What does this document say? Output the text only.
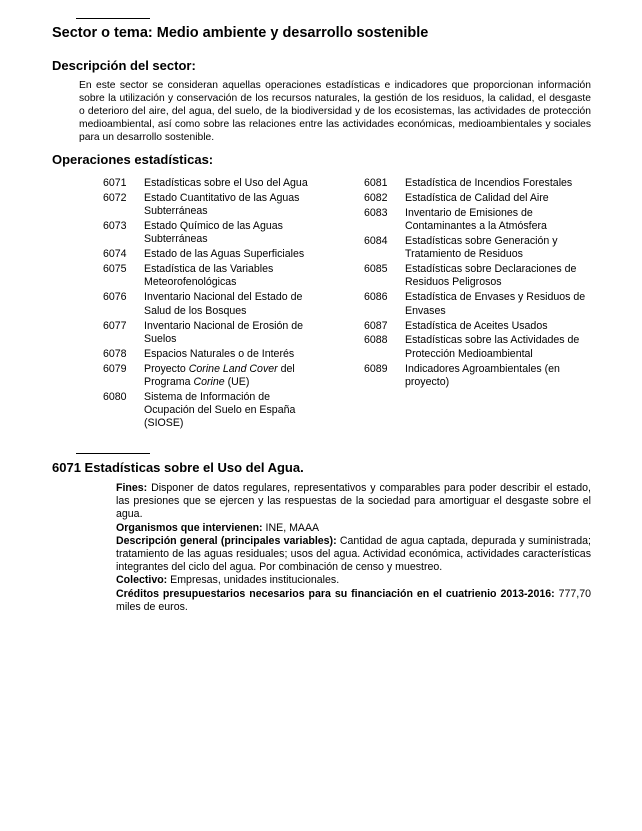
Sector o tema: Medio ambiente y desarrollo sostenible
Descripción del sector:
En este sector se consideran aquellas operaciones estadísticas e indicadores que proporcionan información sobre la utilización y conservación de los recursos naturales, la gestión de los residuos, la calidad, el desgaste o deterioro del aire, del agua, del suelo, de la biodiversidad y de los ecosistemas, las actividades de protección medioambiental, así como sobre las relaciones entre las actividades económicas, medioambientales y sociales para un desarrollo sostenible.
Operaciones estadísticas:
6071	Estadísticas sobre el Uso del Agua
6072	Estado Cuantitativo de las Aguas Subterráneas
6073	Estado Químico de las Aguas Subterráneas
6074	Estado de las Aguas Superficiales
6075	Estadística de las Variables Meteorofenológicas
6076	Inventario Nacional del Estado de Salud de los Bosques
6077	Inventario Nacional de Erosión de Suelos
6078	Espacios Naturales o de Interés
6079	Proyecto Corine Land Cover del Programa Corine (UE)
6080	Sistema de Información de Ocupación del Suelo en España (SIOSE)
6081	Estadística de Incendios Forestales
6082	Estadística de Calidad del Aire
6083	Inventario de Emisiones de Contaminantes a la Atmósfera
6084	Estadísticas sobre Generación y Tratamiento de Residuos
6085	Estadísticas sobre Declaraciones de Residuos Peligrosos
6086	Estadística de Envases y Residuos de Envases
6087	Estadística de Aceites Usados
6088	Estadísticas sobre las Actividades de Protección Medioambiental
6089	Indicadores Agroambientales (en proyecto)
6071 Estadísticas sobre el Uso del Agua.

Fines: Disponer de datos regulares, representativos y comparables para poder describir el estado, las presiones que se ejercen y las respuestas de la sociedad para amortiguar el desgaste sobre el agua.

Organismos que intervienen: INE, MAAA

Descripción general (principales variables): Cantidad de agua captada, depurada y suministrada; tratamiento de las aguas residuales; usos del agua. Actividad económica, actividades características integrantes del ciclo del agua. Por combinación de censo y muestreo.

Colectivo: Empresas, unidades institucionales.

Créditos presupuestarios necesarios para su financiación en el cuatrienio 2013-2016: 777,70 miles de euros.
